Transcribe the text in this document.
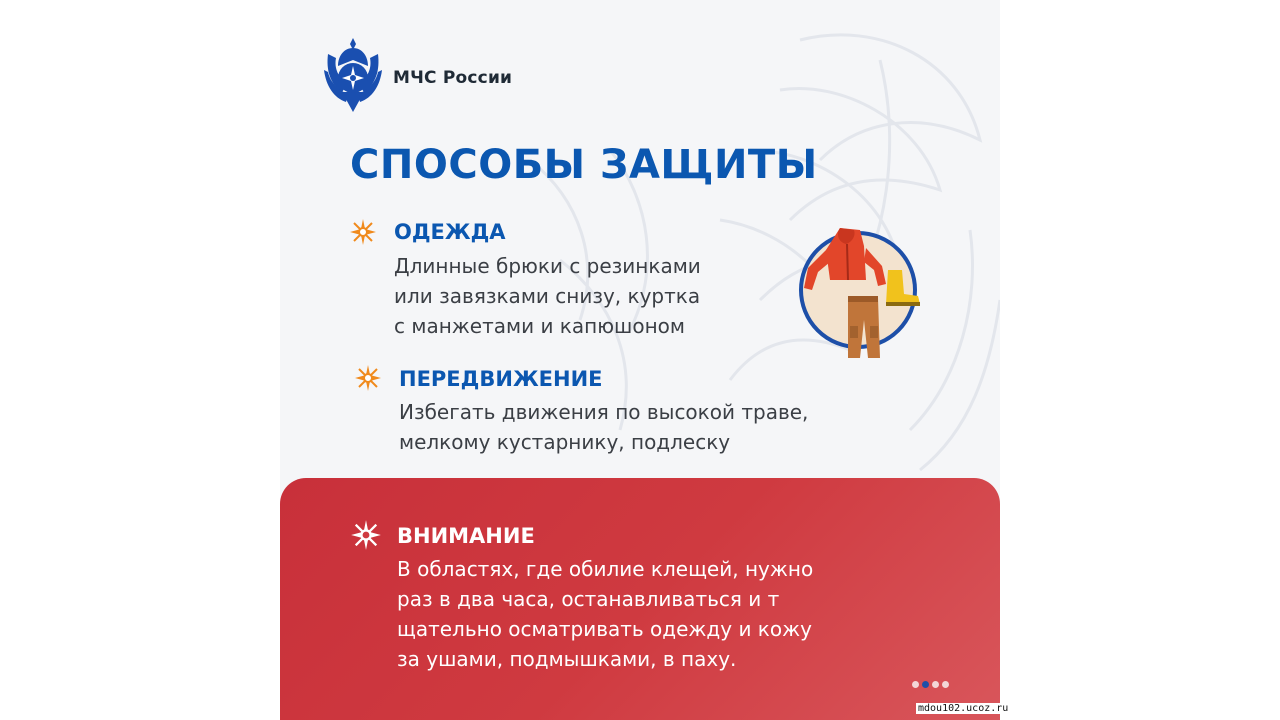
МЧС России
СПОСОБЫ ЗАЩИТЫ
ОДЕЖДА
Длинные брюки с резинками
или завязками снизу, куртка
с манжетами и капюшоном
ПЕРЕДВИЖЕНИЕ
Избегать движения по высокой траве,
мелкому кустарнику, подлеску
ВНИМАНИЕ
В областях, где обилие клещей, нужно
раз в два часа, останавливаться и т
щательно осматривать одежду и кожу
за ушами, подмышками, в паху.
mdou102.ucoz.ru
